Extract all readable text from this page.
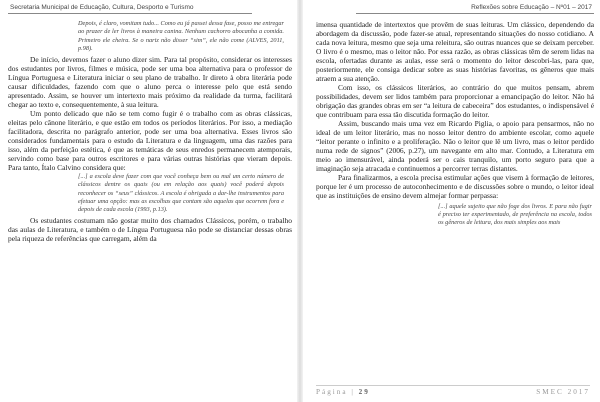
Secretaria Municipal de Educação, Cultura, Desporto e Turismo
Depois, é claro, vomitam tudo... Como eu já passei dessa fase, posso me entregar ao prazer de ler livros à maneira canina. Nenhum cachorro abocanha a comida. Primeiro ele cheira. Se o nariz não disser “sim”, ele não come (ALVES, 2011, p.98).

De início, devemos fazer o aluno dizer sim. Para tal propósito, considerar os interesses dos estudantes por livros, filmes e música, pode ser uma boa alternativa para o professor de Língua Portuguesa e Literatura iniciar o seu plano de trabalho. Ir direto à obra literária pode causar dificuldades, fazendo com que o aluno perca o interesse pelo que está sendo apresentado. Assim, se houver um intertexto mais próximo da realidade da turma, facilitará chegar ao texto e, consequentemente, à sua leitura.

Um ponto delicado que não se tem como fugir é o trabalho com as obras clássicas, eleitas pelo cânone literário, e que estão em todos os períodos literários. Por isso, a mediação facilitadora, descrita no parágrafo anterior, pode ser uma boa alternativa. Esses livros são considerados fundamentais para o estudo da Literatura e da linguagem, uma das razões para isso, além da perfeição estética, é que as temáticas de seus enredos permanecem atemporais, servindo como base para outros escritores e para várias outras histórias que vieram depois. Para tanto, Ítalo Calvino considera que:

[...] a escola deve fazer com que você conheça bem ou mal um certo número de clássicos dentre os quais (ou em relação aos quais) você poderá depois reconhecer os “seus” clássicos. A escola é obrigada a dar-lhe instrumentos para efetuar uma opção: mas as escolhas que contam são aquelas que ocorrem fora e depois de cada escola (1993, p.13).

Os estudantes costumam não gostar muito dos chamados Clássicos, porém, o trabalho das aulas de Literatura, e também o de Língua Portuguesa não pode se distanciar dessas obras pela riqueza de referências que carregam, além da

Reflexões sobre Educação – Nº01 – 2017

imensa quantidade de intertextos que provêm de suas leituras. Um clássico, dependendo da abordagem da discussão, pode fazer-se atual, representando situações do nosso cotidiano. A cada nova leitura, mesmo que seja uma releitura, são outras nuances que se deixam perceber. O livro é o mesmo, mas o leitor não. Por essa razão, as obras clássicas têm de serem lidas na escola, ofertadas durante as aulas, esse será o momento do leitor descobri-las, para que, posteriormente, ele consiga dedicar sobre as suas histórias favoritas, os gêneros que mais atraem a sua atenção.

Com isso, os clássicos literários, ao contrário do que muitos pensam, abrem possibilidades, devem ser lidos também para proporcionar a emancipação do leitor. Não há obrigação das grandes obras em ser “a leitura de cabeceira” dos estudantes, o indispensável é que contribuam para essa tão discutida formação do leitor.

Assim, buscando mais uma vez em Ricardo Piglia, o apoio para pensarmos, não no ideal de um leitor literário, mas no nosso leitor dentro do ambiente escolar, como aquele “leitor perante o infinito e a proliferação. Não o leitor que lê um livro, mas o leitor perdido numa rede de signos” (2006, p.27), um navegante em alto mar. Contudo, a Literatura em meio ao imensurável, ainda poderá ser o cais tranquilo, um porto seguro para que a imaginação seja atracada e continuemos a percorrer terras distantes.

Para finalizarmos, a escola precisa estimular ações que visem à formação de leitores, porque ler é um processo de autoconhecimento e de discussões sobre o mundo, o leitor ideal que as instituições de ensino devem almejar formar perpassa:

[...] aquele sujeito que não foge dos livros. E para não fugir é preciso ter experimentado, de preferência na escola, todos os gêneros de leitura, dos mais simples aos mais
Página | 29	SMEC 2017
